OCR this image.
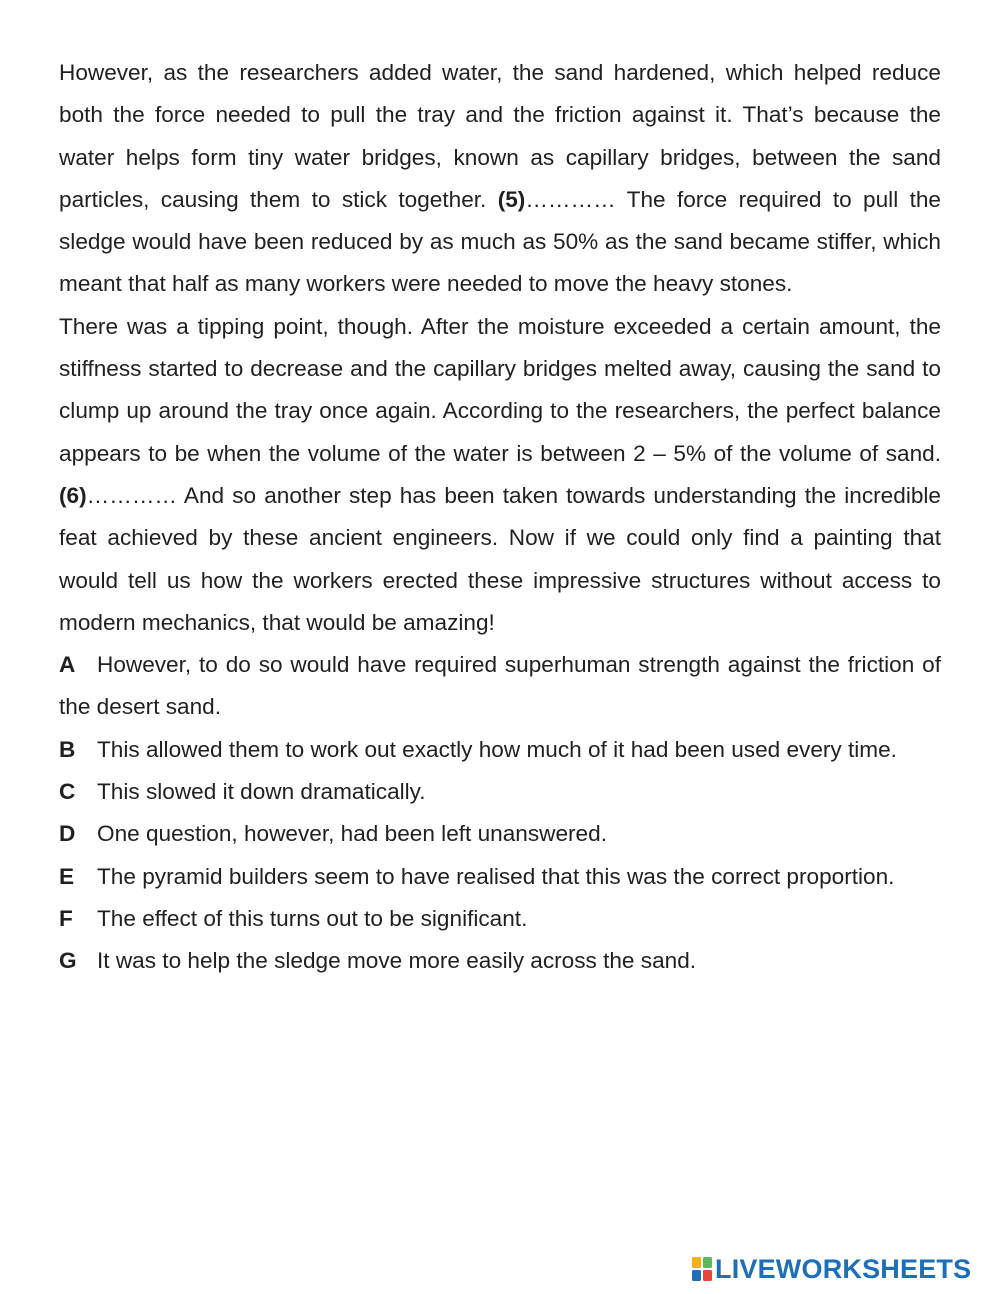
However, as the researchers added water, the sand hardened, which helped reduce both the force needed to pull the tray and the friction against it. That’s because the water helps form tiny water bridges, known as capillary bridges, between the sand particles, causing them to stick together. (5)………… The force required to pull the sledge would have been reduced by as much as 50% as the sand became stiffer, which meant that half as many workers were needed to move the heavy stones.

There was a tipping point, though. After the moisture exceeded a certain amount, the stiffness started to decrease and the capillary bridges melted away, causing the sand to clump up around the tray once again. According to the researchers, the perfect balance appears to be when the volume of the water is between 2 – 5% of the volume of sand. (6)………… And so another step has been taken towards understanding the incredible feat achieved by these ancient engineers. Now if we could only find a painting that would tell us how the workers erected these impressive structures without access to modern mechanics, that would be amazing!

A However, to do so would have required superhuman strength against the friction of the desert sand.
B This allowed them to work out exactly how much of it had been used every time.
C This slowed it down dramatically.
D One question, however, had been left unanswered.
E The pyramid builders seem to have realised that this was the correct proportion.
F The effect of this turns out to be significant.
G It was to help the sledge move more easily across the sand.
LIVEWORKSHEETS
